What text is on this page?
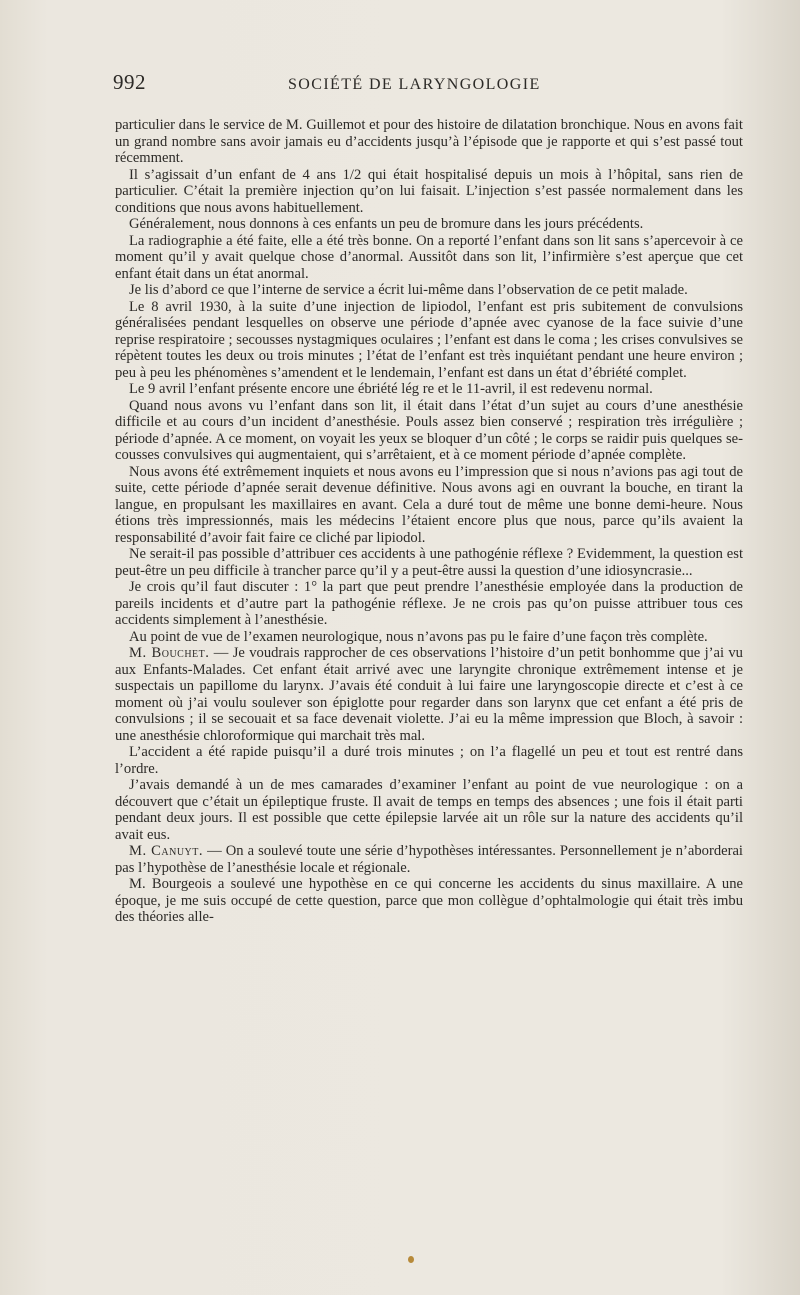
992	SOCIÉTÉ DE LARYNGOLOGIE

particulier dans le service de M. Guillemot et pour des histoire de dilatation bronchique. Nous en avons fait un grand nombre sans avoir jamais eu d’accidents jusqu’à l’épisode que je rapporte et qui s’est passé tout récemment.

Il s’agissait d’un enfant de 4 ans 1/2 qui était hospitalisé depuis un mois à l’hôpital, sans rien de particulier. C’était la première injection qu’on lui faisait. L’injection s’est passée normalement dans les conditions que nous avons habituellement.

Généralement, nous donnons à ces enfants un peu de bromure dans les jours précédents.

La radiographie a été faite, elle a été très bonne. On a reporté l’enfant dans son lit sans s’apercevoir à ce moment qu’il y avait quelque chose d’anormal. Aussitôt dans son lit, l’infirmière s’est aperçue que cet enfant était dans un état anormal.

Je lis d’abord ce que l’interne de service a écrit lui-même dans l’observation de ce petit malade.

Le 8 avril 1930, à la suite d’une injection de lipiodol, l’enfant est pris subitement de convulsions généralisées pendant lesquelles on observe une période d’apnée avec cyanose de la face suivie d’une reprise respiratoire ; secousses nystagmiques oculaires ; l’enfant est dans le coma ; les crises convulsives se répètent toutes les deux ou trois minutes ; l’état de l’enfant est très inquiétant pendant une heure environ ; peu à peu les phénomènes s’amendent et le lendemain, l’enfant est dans un état d’ébriété complet.

Le 9 avril l’enfant présente encore une ébriété lég re et le 11-avril, il est redevenu normal.

Quand nous avons vu l’enfant dans son lit, il était dans l’état d’un sujet au cours d’une anesthésie difficile et au cours d’un incident d’anesthésie. Pouls assez bien conservé ; respiration très irrégulière ; période d’apnée. A ce moment, on voyait les yeux se bloquer d’un côté ; le corps se raidir puis quelques secousses convulsives qui augmentaient, qui s’arrêtaient, et à ce moment période d’apnée complète.

Nous avons été extrêmement inquiets et nous avons eu l’impression que si nous n’avions pas agi tout de suite, cette période d’apnée serait devenue définitive. Nous avons agi en ouvrant la bouche, en tirant la langue, en propulsant les maxillaires en avant. Cela a duré tout de même une bonne demi-heure. Nous étions très impressionnés, mais les médecins l’étaient encore plus que nous, parce qu’ils avaient la responsabilité d’avoir fait faire ce cliché par lipiodol.

Ne serait-il pas possible d’attribuer ces accidents à une pathogénie réflexe ? Evidemment, la question est peut-être un peu difficile à trancher parce qu’il y a peut-être aussi la question d’une idiosyncrasie...

Je crois qu’il faut discuter : 1° la part que peut prendre l’anesthésie employée dans la production de pareils incidents et d’autre part la pathogénie réflexe. Je ne crois pas qu’on puisse attribuer tous ces accidents simplement à l’anesthésie.

Au point de vue de l’examen neurologique, nous n’avons pas pu le faire d’une façon très complète.

M. Bouchet. — Je voudrais rapprocher de ces observations l’histoire d’un petit bonhomme que j’ai vu aux Enfants-Malades. Cet enfant était arrivé avec une laryngite chronique extrêmement intense et je suspectais un papillome du larynx. J’avais été conduit à lui faire une laryngoscopie directe et c’est à ce moment où j’ai voulu soulever son épiglotte pour regarder dans son larynx que cet enfant a été pris de convulsions ; il se secouait et sa face devenait violette. J’ai eu la même impression que Bloch, à savoir : une anesthésie chloroformique qui marchait très mal.

L’accident a été rapide puisqu’il a duré trois minutes ; on l’a flagellé un peu et tout est rentré dans l’ordre.

J’avais demandé à un de mes camarades d’examiner l’enfant au point de vue neurologique : on a découvert que c’était un épileptique fruste. Il avait de temps en temps des absences ; une fois il était parti pendant deux jours. Il est possible que cette épilepsie larvée ait un rôle sur la nature des accidents qu’il avait eus.

M. Canuyt. — On a soulevé toute une série d’hypothèses intéressantes. Personnellement je n’aborderai pas l’hypothèse de l’anesthésie locale et régionale.

M. Bourgeois a soulevé une hypothèse en ce qui concerne les accidents du sinus maxillaire. A une époque, je me suis occupé de cette question, parce que mon collègue d’ophtalmologie qui était très imbu des théories alle-
